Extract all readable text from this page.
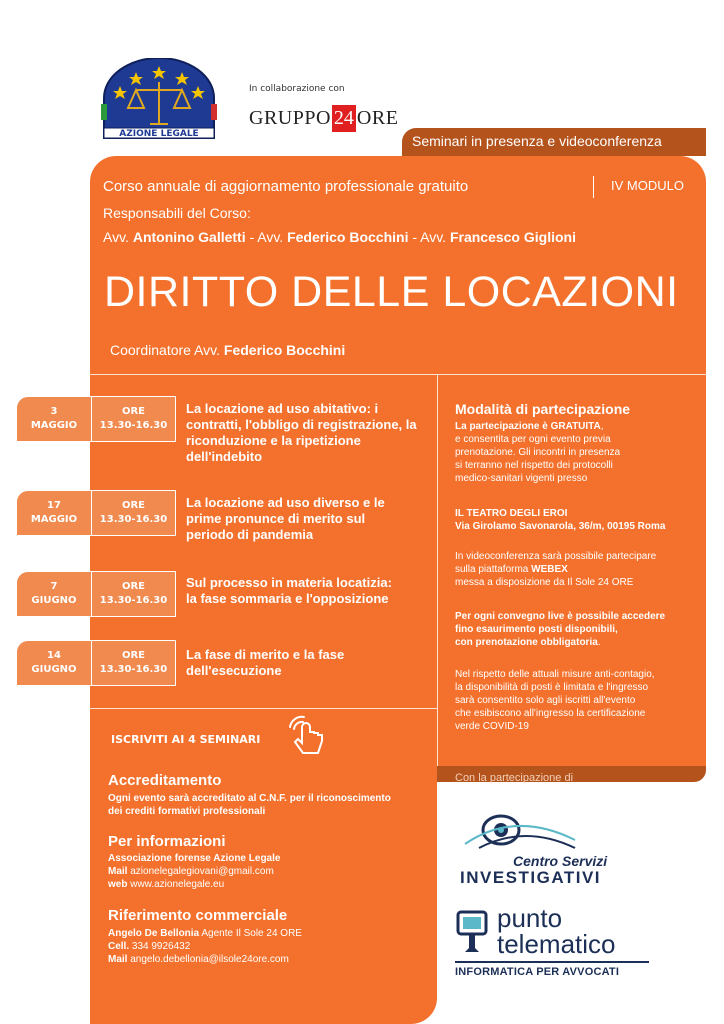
AZIONE LEGALE
In collaborazione con
GRUPPO 24 ORE
Seminari in presenza e videoconferenza
Corso annuale di aggiornamento professionale gratuito	IV MODULO
Responsabili del Corso:
Avv. Antonino Galletti - Avv. Federico Bocchini - Avv. Francesco Giglioni
DIRITTO DELLE LOCAZIONI
Coordinatore Avv. Federico Bocchini
3
MAGGIO
ORE
13.30-16.30
La locazione ad uso abitativo: i contratti, l'obbligo di registrazione, la riconduzione e la ripetizione dell'indebito
17
MAGGIO
ORE
13.30-16.30
La locazione ad uso diverso e le prime pronunce di merito sul periodo di pandemia
7
GIUGNO
ORE
13.30-16.30
Sul processo in materia locatizia: la fase sommaria e l'opposizione
14
GIUGNO
ORE
13.30-16.30
La fase di merito e la fase dell'esecuzione
ISCRIVITI AI 4 SEMINARI
Modalità di partecipazione
La partecipazione è GRATUITA,
e consentita per ogni evento previa
prenotazione. Gli incontri in presenza
si terranno nel rispetto dei protocolli
medico-sanitari vigenti presso
IL TEATRO DEGLI EROI
Via Girolamo Savonarola, 36/m, 00195 Roma
In videoconferenza sarà possibile partecipare
sulla piattaforma WEBEX
messa a disposizione da Il Sole 24 ORE
Per ogni convegno live è possibile accedere
fino esaurimento posti disponibili,
con prenotazione obbligatoria.
Nel rispetto delle attuali misure anti-contagio,
la disponibilità di posti è limitata e l'ingresso
sarà consentito solo agli iscritti all'evento
che esibiscono all'ingresso la certificazione
verde COVID-19
Con la partecipazione di
Accreditamento
Ogni evento sarà accreditato al C.N.F. per il riconoscimento
dei crediti formativi professionali
Per informazioni
Associazione forense Azione Legale
Mail azionelegalegiovani@gmail.com
web www.azionelegale.eu
Riferimento commerciale
Angelo De Bellonia Agente Il Sole 24 ORE
Cell. 334 9926432
Mail angelo.debellonia@ilsole24ore.com
Centro Servizi
INVESTIGATIVI
punto
telematico
INFORMATICA PER AVVOCATI
